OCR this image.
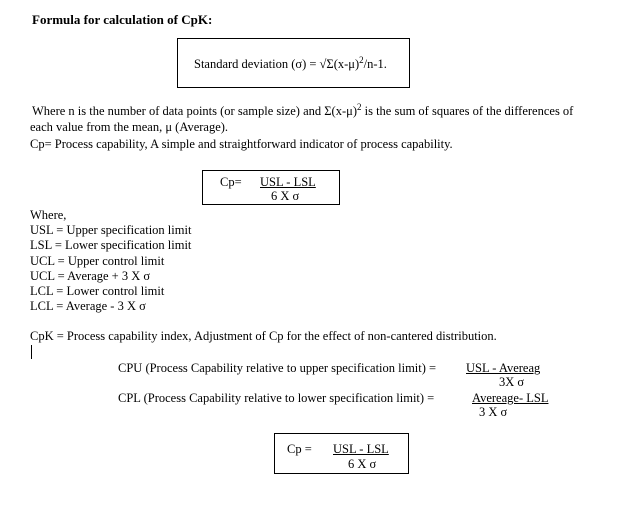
Formula for calculation of CpK:
Standard deviation $(\sigma) = √\Sigma(x-\mu)^2/n-1$.
Where n is the number of data points (or sample size) and $\Sigma(x-\mu)^2$ is the sum of squares of the differences of
each value from the mean, μ (Average).
Cp= Process capability, A simple and straightforward indicator of process capability.
Cp= USL - LSL
6 X σ
Where,
USL = Upper specification limit
LSL = Lower specification limit
UCL = Upper control limit
UCL = Average + 3 X σ
LCL = Lower control limit
LCL = Average - 3 X σ
CpK = Process capability index, Adjustment of Cp for the effect of non-cantered distribution.
CPU (Process Capability relative to upper specification limit) = USL - Avereag
3X σ
CPL (Process Capability relative to lower specification limit) =	Avereage- LSL
3 X σ
Cp = USL - LSL
6 X σ
